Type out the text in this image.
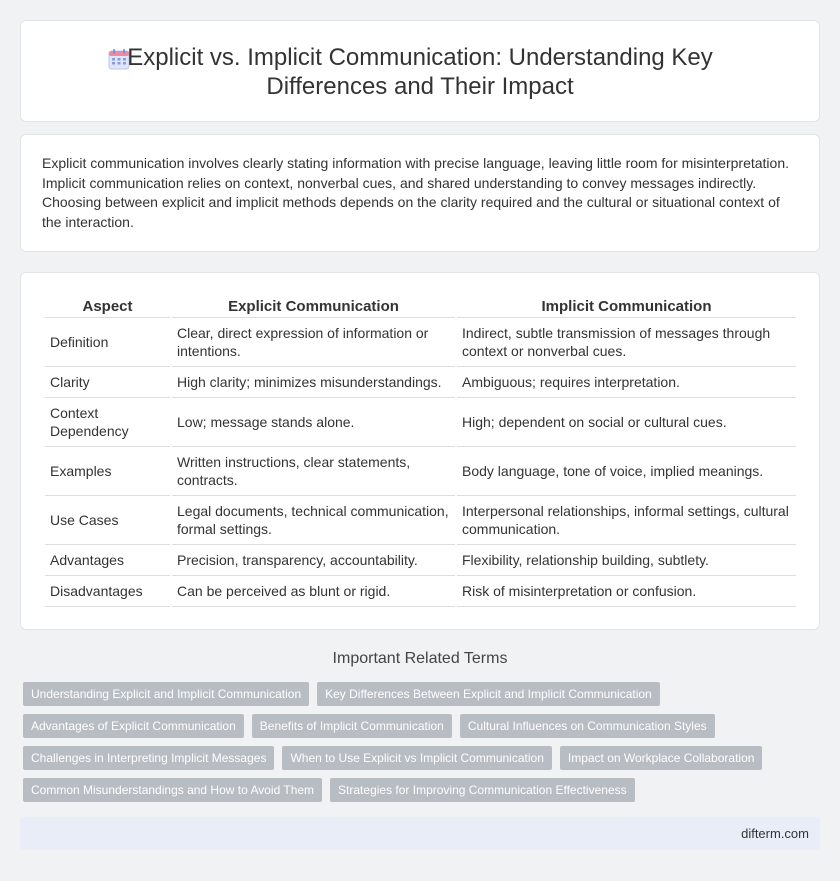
Explicit vs. Implicit Communication: Understanding Key Differences and Their Impact

Explicit communication involves clearly stating information with precise language, leaving little room for misinterpretation. Implicit communication relies on context, nonverbal cues, and shared understanding to convey messages indirectly. Choosing between explicit and implicit methods depends on the clarity required and the cultural or situational context of the interaction.

Aspect	Explicit Communication	Implicit Communication
Definition	Clear, direct expression of information or intentions.	Indirect, subtle transmission of messages through context or nonverbal cues.
Clarity	High clarity; minimizes misunderstandings.	Ambiguous; requires interpretation.
Context Dependency	Low; message stands alone.	High; dependent on social or cultural cues.
Examples	Written instructions, clear statements, contracts.	Body language, tone of voice, implied meanings.
Use Cases	Legal documents, technical communication, formal settings.	Interpersonal relationships, informal settings, cultural communication.
Advantages	Precision, transparency, accountability.	Flexibility, relationship building, subtlety.
Disadvantages	Can be perceived as blunt or rigid.	Risk of misinterpretation or confusion.
Important Related Terms
Understanding Explicit and Implicit Communication	Key Differences Between Explicit and Implicit Communication
Advantages of Explicit Communication	Benefits of Implicit Communication	Cultural Influences on Communication Styles
Challenges in Interpreting Implicit Messages	When to Use Explicit vs Implicit Communication	Impact on Workplace Collaboration
Common Misunderstandings and How to Avoid Them	Strategies for Improving Communication Effectiveness
difterm.com
